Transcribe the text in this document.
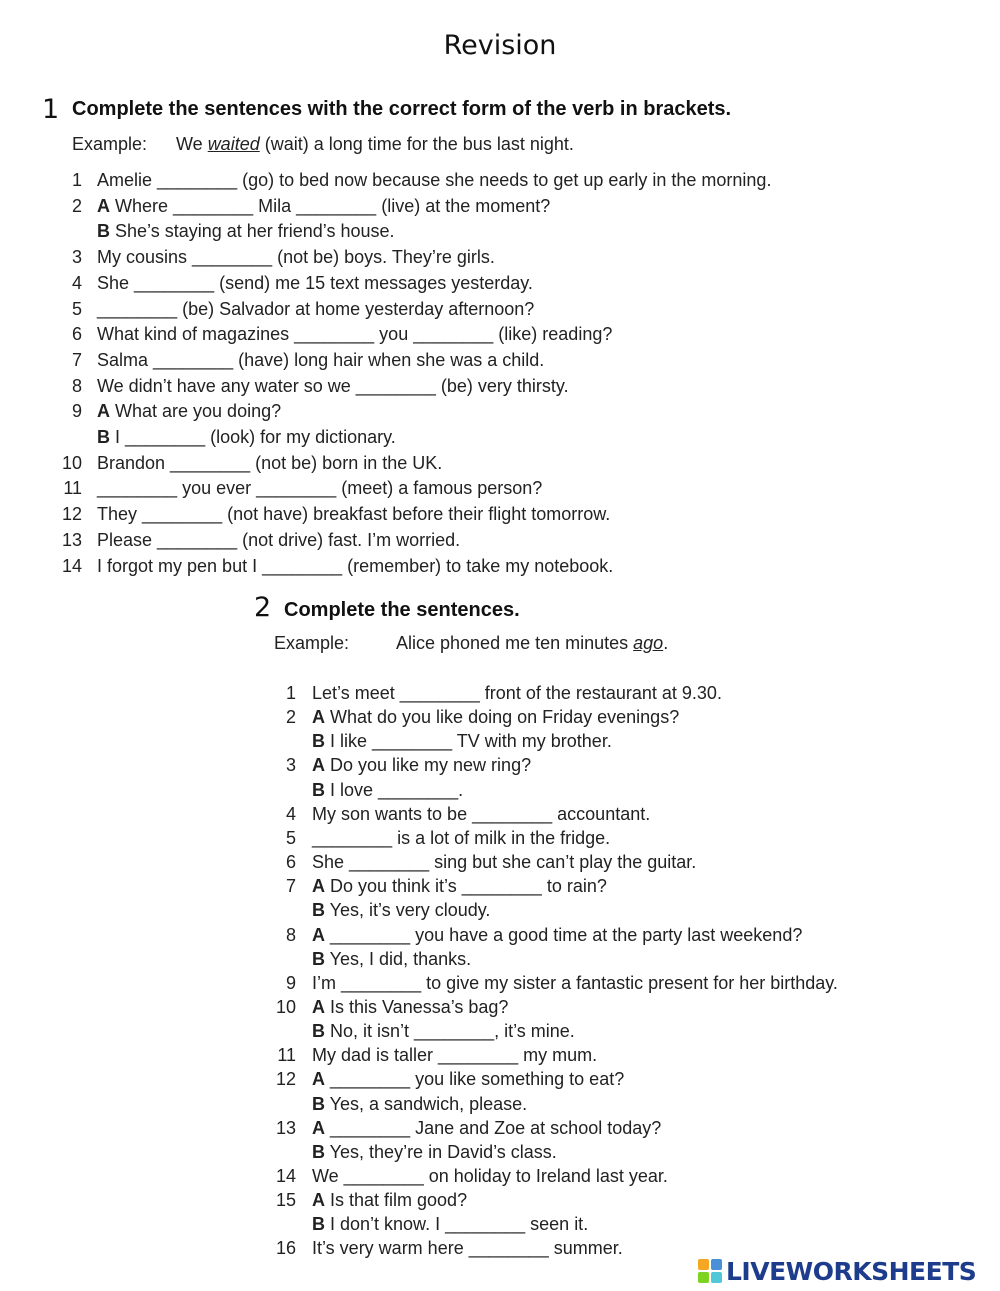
Revision
1 Complete the sentences with the correct form of the verb in brackets.
Example: We waited (wait) a long time for the bus last night.
1 Amelie ________ (go) to bed now because she needs to get up early in the morning.
2 A Where ________ Mila ________ (live) at the moment?
B She’s staying at her friend’s house.
3 My cousins ________ (not be) boys. They’re girls.
4 She ________ (send) me 15 text messages yesterday.
5 ________ (be) Salvador at home yesterday afternoon?
6 What kind of magazines ________ you ________ (like) reading?
7 Salma ________ (have) long hair when she was a child.
8 We didn’t have any water so we ________ (be) very thirsty.
9 A What are you doing?
B I ________ (look) for my dictionary.
10 Brandon ________ (not be) born in the UK.
11 ________ you ever ________ (meet) a famous person?
12 They ________ (not have) breakfast before their flight tomorrow.
13 Please ________ (not drive) fast. I’m worried.
14 I forgot my pen but I ________ (remember) to take my notebook.
2 Complete the sentences.
Example:	Alice phoned me ten minutes ago.
1 Let’s meet ________ front of the restaurant at 9.30.
2 A What do you like doing on Friday evenings?
B I like ________ TV with my brother.
3 A Do you like my new ring?
B I love ________.
4 My son wants to be ________ accountant.
5 ________ is a lot of milk in the fridge.
6 She ________ sing but she can’t play the guitar.
7 A Do you think it’s ________ to rain?
B Yes, it’s very cloudy.
8 A ________ you have a good time at the party last weekend?
B Yes, I did, thanks.
9 I’m ________ to give my sister a fantastic present for her birthday.
10 A Is this Vanessa’s bag?
B No, it isn’t ________, it’s mine.
11 My dad is taller ________ my mum.
12 A ________ you like something to eat?
B Yes, a sandwich, please.
13 A ________ Jane and Zoe at school today?
B Yes, they’re in David’s class.
14 We ________ on holiday to Ireland last year.
15 A Is that film good?
B I don’t know. I ________ seen it.
16 It’s very warm here ________ summer.
LIVEWORKSHEETS
